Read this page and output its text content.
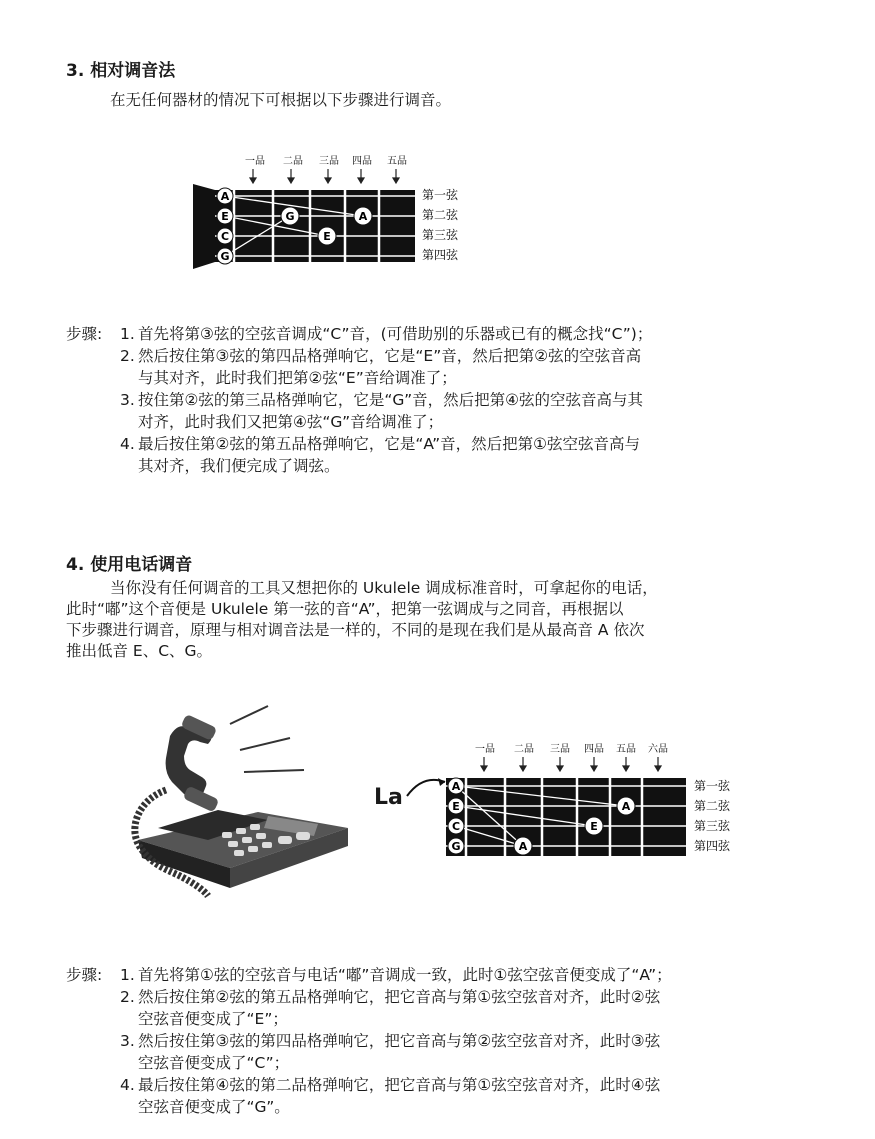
3. 相对调音法
在无任何器材的情况下可根据以下步骤进行调音。
一品 二品 三品 四品 五品
A
E
C
G
G	A
E
第一弦
第二弦
第三弦
第四弦
步骤: 1. 首先将第③弦的空弦音调成“C”音，(可借助别的乐器或已有的概念找“C”)；
2. 然后按住第③弦的第四品格弹响它，它是“E”音，然后把第②弦的空弦音高
与其对齐，此时我们把第②弦“E”音给调准了；
3. 按住第②弦的第三品格弹响它，它是“G”音，然后把第④弦的空弦音高与其
对齐，此时我们又把第④弦“G”音给调准了；
4. 最后按住第②弦的第五品格弹响它，它是“A”音，然后把第①弦空弦音高与
其对齐，我们便完成了调弦。
4. 使用电话调音

当你没有任何调音的工具又想把你的 Ukulele 调成标准音时，可拿起你的电话，

此时“嘟”这个音便是 Ukulele 第一弦的音“A”，把第一弦调成与之同音，再根据以

下步骤进行调音，原理与相对调音法是一样的，不同的是现在我们是从最高音 A 依次

推出低音 E、C、G。

La
一品 二品 三品 四品 五品 六品
A
E
C
G
A
E
A
第一弦
第二弦
第三弦
第四弦
步骤: 1. 首先将第①弦的空弦音与电话“嘟”音调成一致，此时①弦空弦音便变成了“A”；
2. 然后按住第②弦的第五品格弹响它，把它音高与第①弦空弦音对齐，此时②弦
空弦音便变成了“E”；
3. 然后按住第③弦的第四品格弹响它，把它音高与第②弦空弦音对齐，此时③弦
空弦音便变成了“C”；
4. 最后按住第④弦的第二品格弹响它，把它音高与第①弦空弦音对齐，此时④弦
空弦音便变成了“G”。
